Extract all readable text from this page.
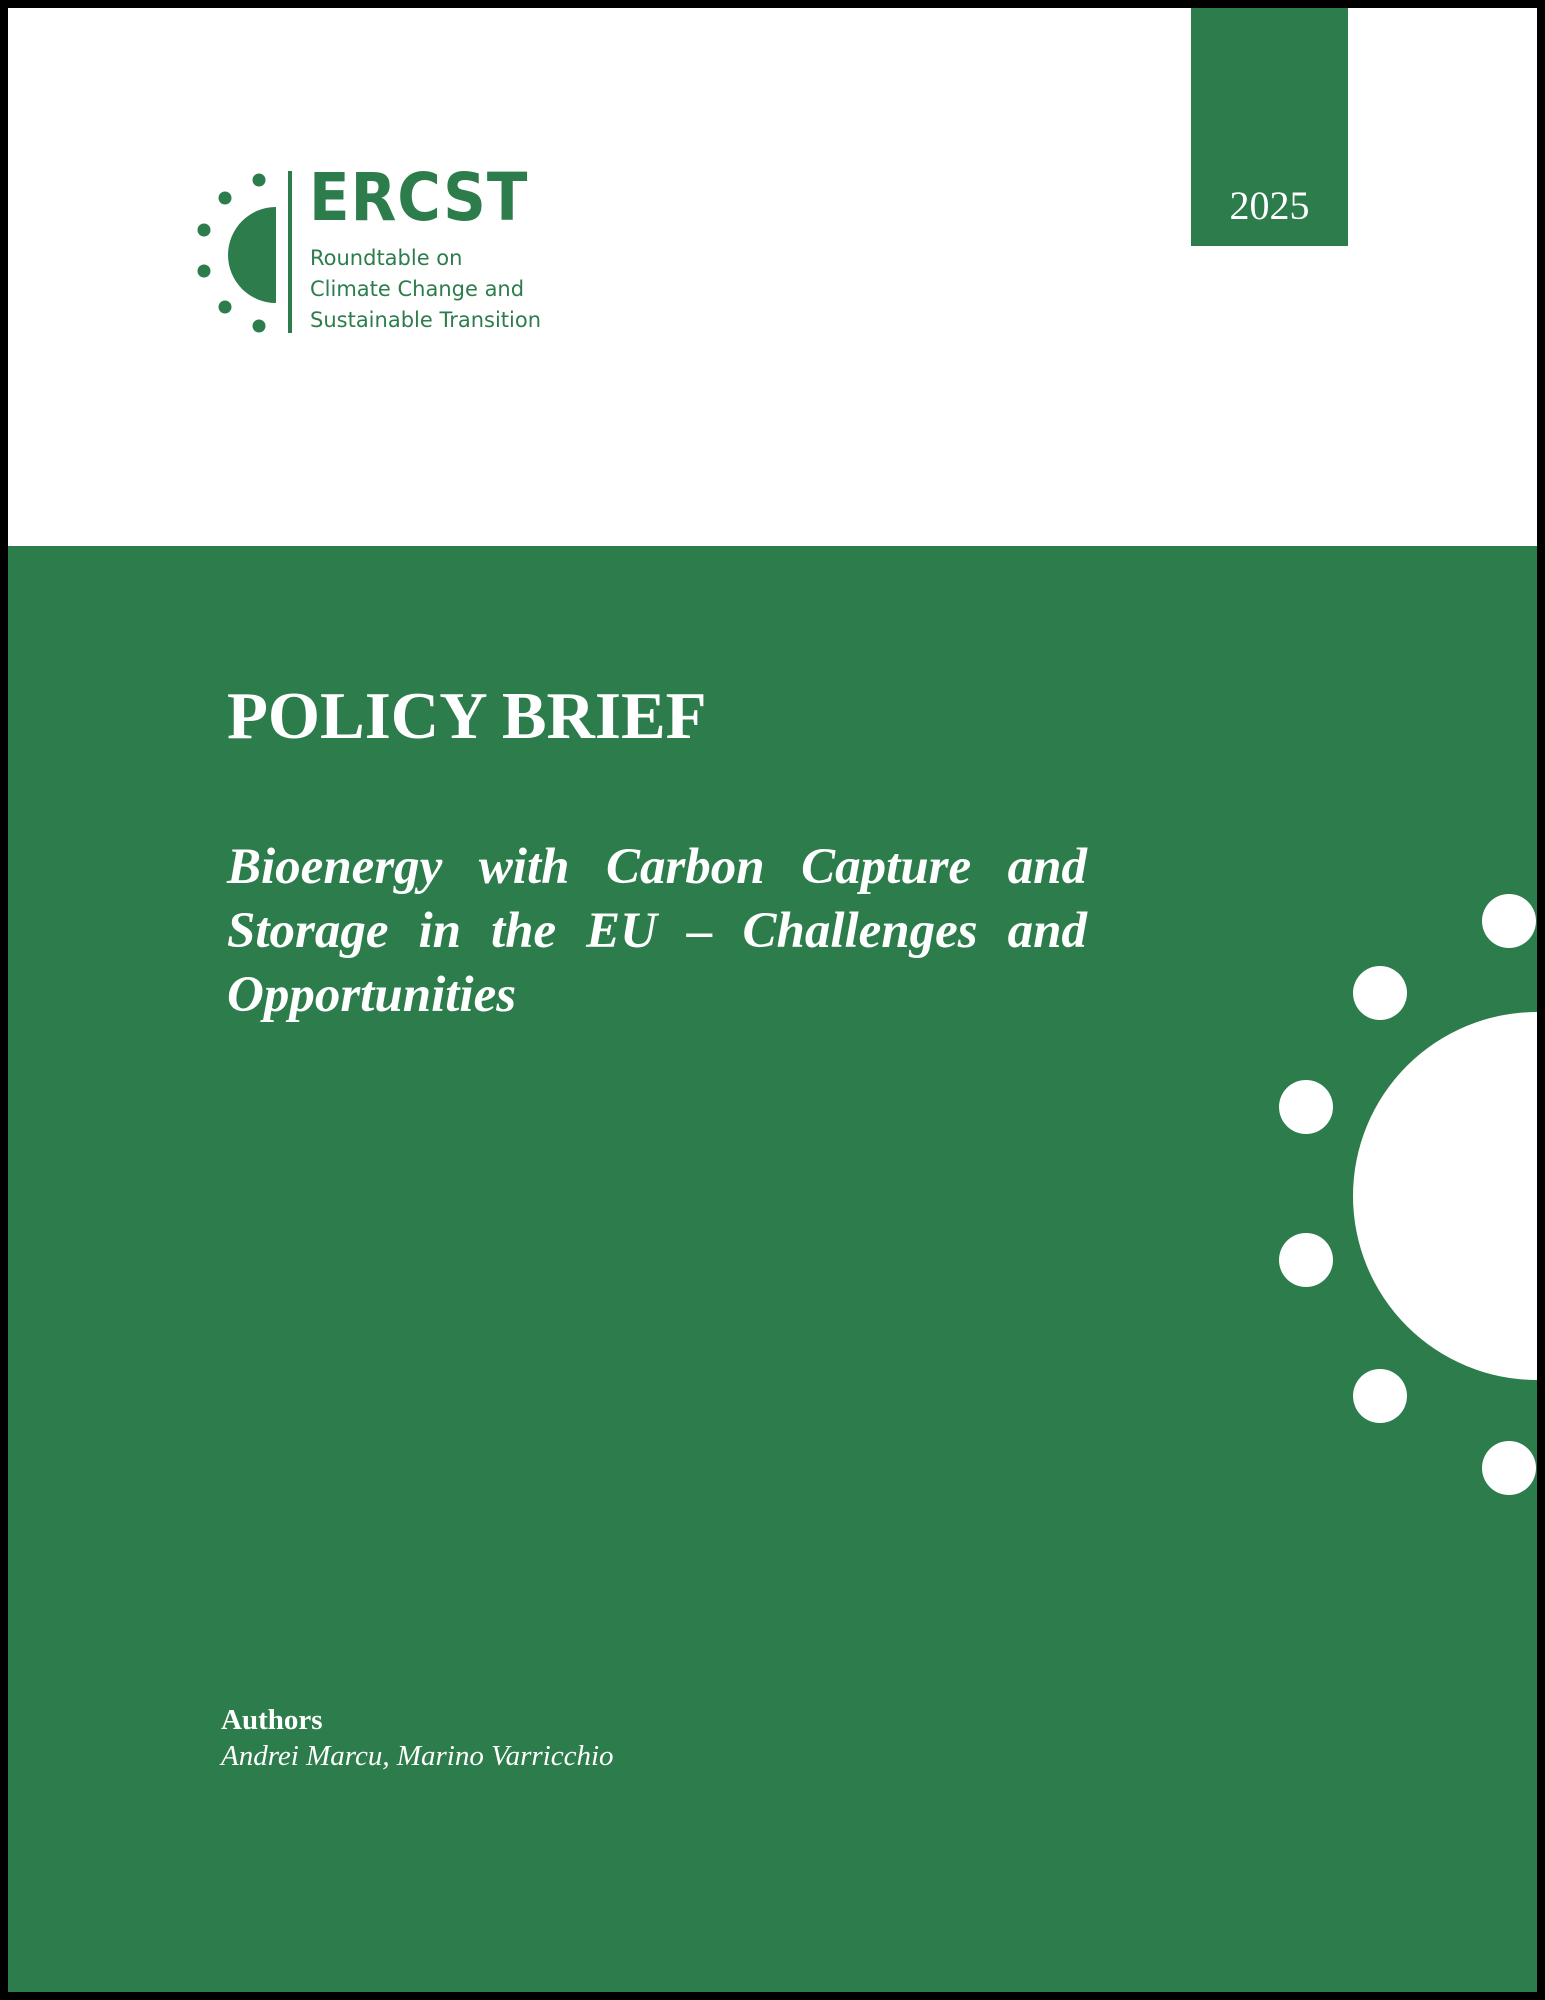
2025

ERCST

Roundtable on
Climate Change and
Sustainable Transition

POLICY BRIEF
Bioenergy with Carbon Capture and
Storage in the EU – Challenges and
Opportunities

Authors

Andrei Marcu, Marino Varricchio
